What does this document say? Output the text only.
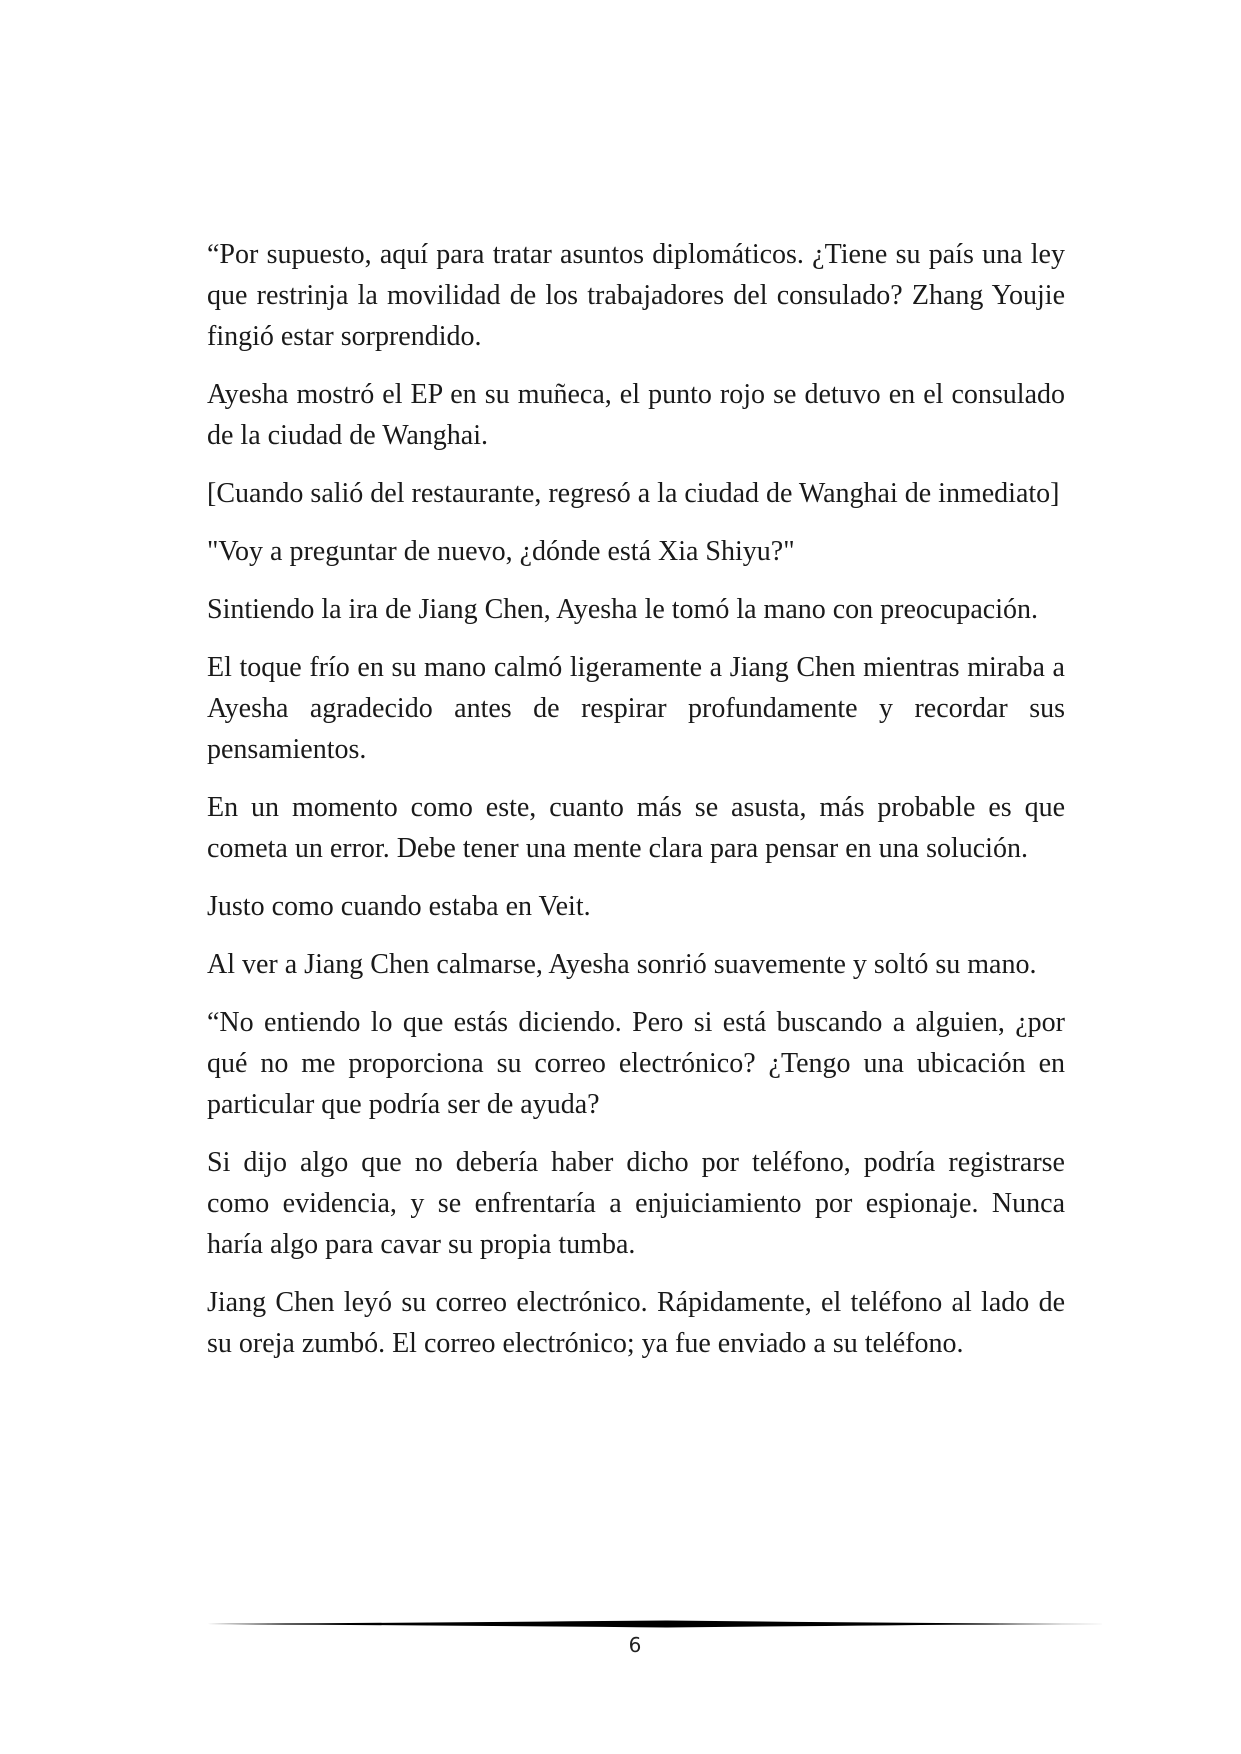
“Por supuesto, aquí para tratar asuntos diplomáticos. ¿Tiene su país una ley que restrinja la movilidad de los trabajadores del consulado? Zhang Youjie fingió estar sorprendido.

Ayesha mostró el EP en su muñeca, el punto rojo se detuvo en el consulado de la ciudad de Wanghai.

[Cuando salió del restaurante, regresó a la ciudad de Wanghai de inmediato]

"Voy a preguntar de nuevo, ¿dónde está Xia Shiyu?"

Sintiendo la ira de Jiang Chen, Ayesha le tomó la mano con preocupación.

El toque frío en su mano calmó ligeramente a Jiang Chen mientras miraba a Ayesha agradecido antes de respirar profundamente y recordar sus pensamientos.

En un momento como este, cuanto más se asusta, más probable es que cometa un error. Debe tener una mente clara para pensar en una solución.

Justo como cuando estaba en Veit.

Al ver a Jiang Chen calmarse, Ayesha sonrió suavemente y soltó su mano.

“No entiendo lo que estás diciendo. Pero si está buscando a alguien, ¿por qué no me proporciona su correo electrónico? ¿Tengo una ubicación en particular que podría ser de ayuda?

Si dijo algo que no debería haber dicho por teléfono, podría registrarse como evidencia, y se enfrentaría a enjuiciamiento por espionaje. Nunca haría algo para cavar su propia tumba.

Jiang Chen leyó su correo electrónico. Rápidamente, el teléfono al lado de su oreja zumbó. El correo electrónico; ya fue enviado a su teléfono.

6
